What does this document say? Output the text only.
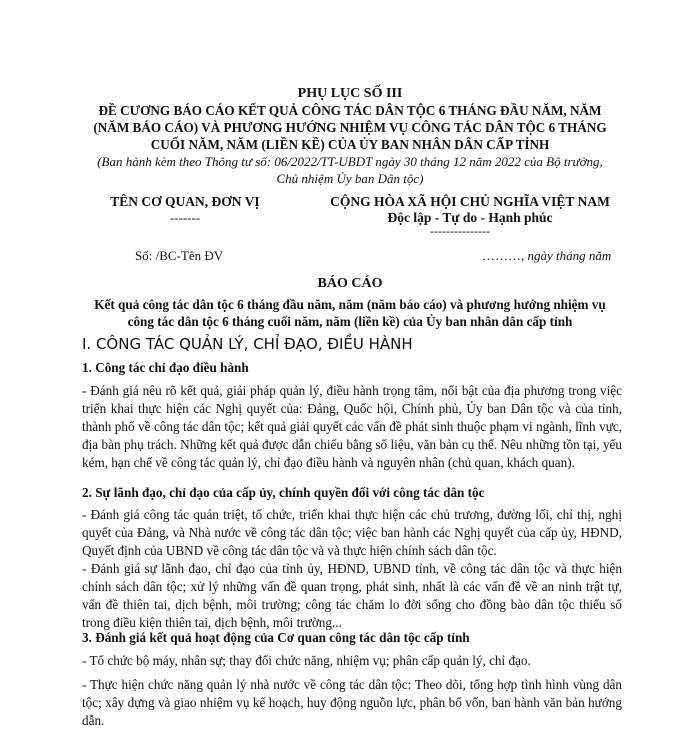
PHỤ LỤC SỐ III
ĐỀ CƯƠNG BÁO CÁO KẾT QUẢ CÔNG TÁC DÂN TỘC 6 THÁNG ĐẦU NĂM, NĂM
(NĂM BÁO CÁO) VÀ PHƯƠNG HƯỚNG NHIỆM VỤ CÔNG TÁC DÂN TỘC 6 THÁNG
CUỐI NĂM, NĂM (LIỀN KỀ) CỦA ỦY BAN NHÂN DÂN CẤP TỈNH
(Ban hành kèm theo Thông tư số: 06/2022/TT-UBDT ngày 30 tháng 12 năm 2022 của Bộ trưởng,
Chủ nhiệm Ủy ban Dân tộc)
TÊN CƠ QUAN, ĐƠN VỊ
-------
CỘNG HÒA XÃ HỘI CHỦ NGHĨA VIỆT NAM
Độc lập - Tự do - Hạnh phúc
---------------
Số: /BC-Tên ĐV	………, ngày tháng năm
BÁO CÁO
Kết quả công tác dân tộc 6 tháng đầu năm, năm (năm báo cáo) và phương hướng nhiệm vụ
công tác dân tộc 6 tháng cuối năm, năm (liền kề) của Ủy ban nhân dân cấp tỉnh
I. CÔNG TÁC QUẢN LÝ, CHỈ ĐẠO, ĐIỀU HÀNH
1. Công tác chỉ đạo điều hành
- Đánh giá nêu rõ kết quả, giải pháp quản lý, điều hành trọng tâm, nổi bật của địa phương trong việc triển khai thực hiện các Nghị quyết của: Đảng, Quốc hội, Chính phủ, Ủy ban Dân tộc và của tỉnh, thành phố về công tác dân tộc; kết quả giải quyết các vấn đề phát sinh thuộc phạm vi ngành, lĩnh vực, địa bàn phụ trách. Những kết quả được dẫn chiếu bằng số liệu, văn bản cụ thể. Nêu những tồn tại, yếu kém, hạn chế về công tác quản lý, chỉ đạo điều hành và nguyên nhân (chủ quan, khách quan).
2. Sự lãnh đạo, chỉ đạo của cấp ủy, chính quyền đối với công tác dân tộc
- Đánh giá công tác quán triệt, tổ chức, triển khai thực hiện các chủ trương, đường lối, chỉ thị, nghị quyết của Đảng, và Nhà nước về công tác dân tộc; việc ban hành các Nghị quyết của cấp ủy, HĐND, Quyết định của UBND về công tác dân tộc và và thực hiện chính sách dân tộc.
- Đánh giá sự lãnh đạo, chỉ đạo của tỉnh ủy, HĐND, UBND tỉnh, về công tác dân tộc và thực hiện chính sách dân tộc; xử lý những vấn đề quan trọng, phát sinh, nhất là các vấn đề về an ninh trật tự, vấn đề thiên tai, dịch bệnh, môi trường; công tác chăm lo đời sống cho đồng bào dân tộc thiểu số trong điều kiện thiên tai, dịch bệnh, môi trường...
3. Đánh giá kết quả hoạt động của Cơ quan công tác dân tộc cấp tỉnh
- Tổ chức bộ máy, nhân sự; thay đổi chức năng, nhiệm vụ; phân cấp quản lý, chỉ đạo.
- Thực hiện chức năng quản lý nhà nước về công tác dân tộc: Theo dõi, tổng hợp tình hình vùng dân tộc; xây dựng và giao nhiệm vụ kế hoạch, huy động nguồn lực, phân bổ vốn, ban hành văn bản hướng dẫn.
